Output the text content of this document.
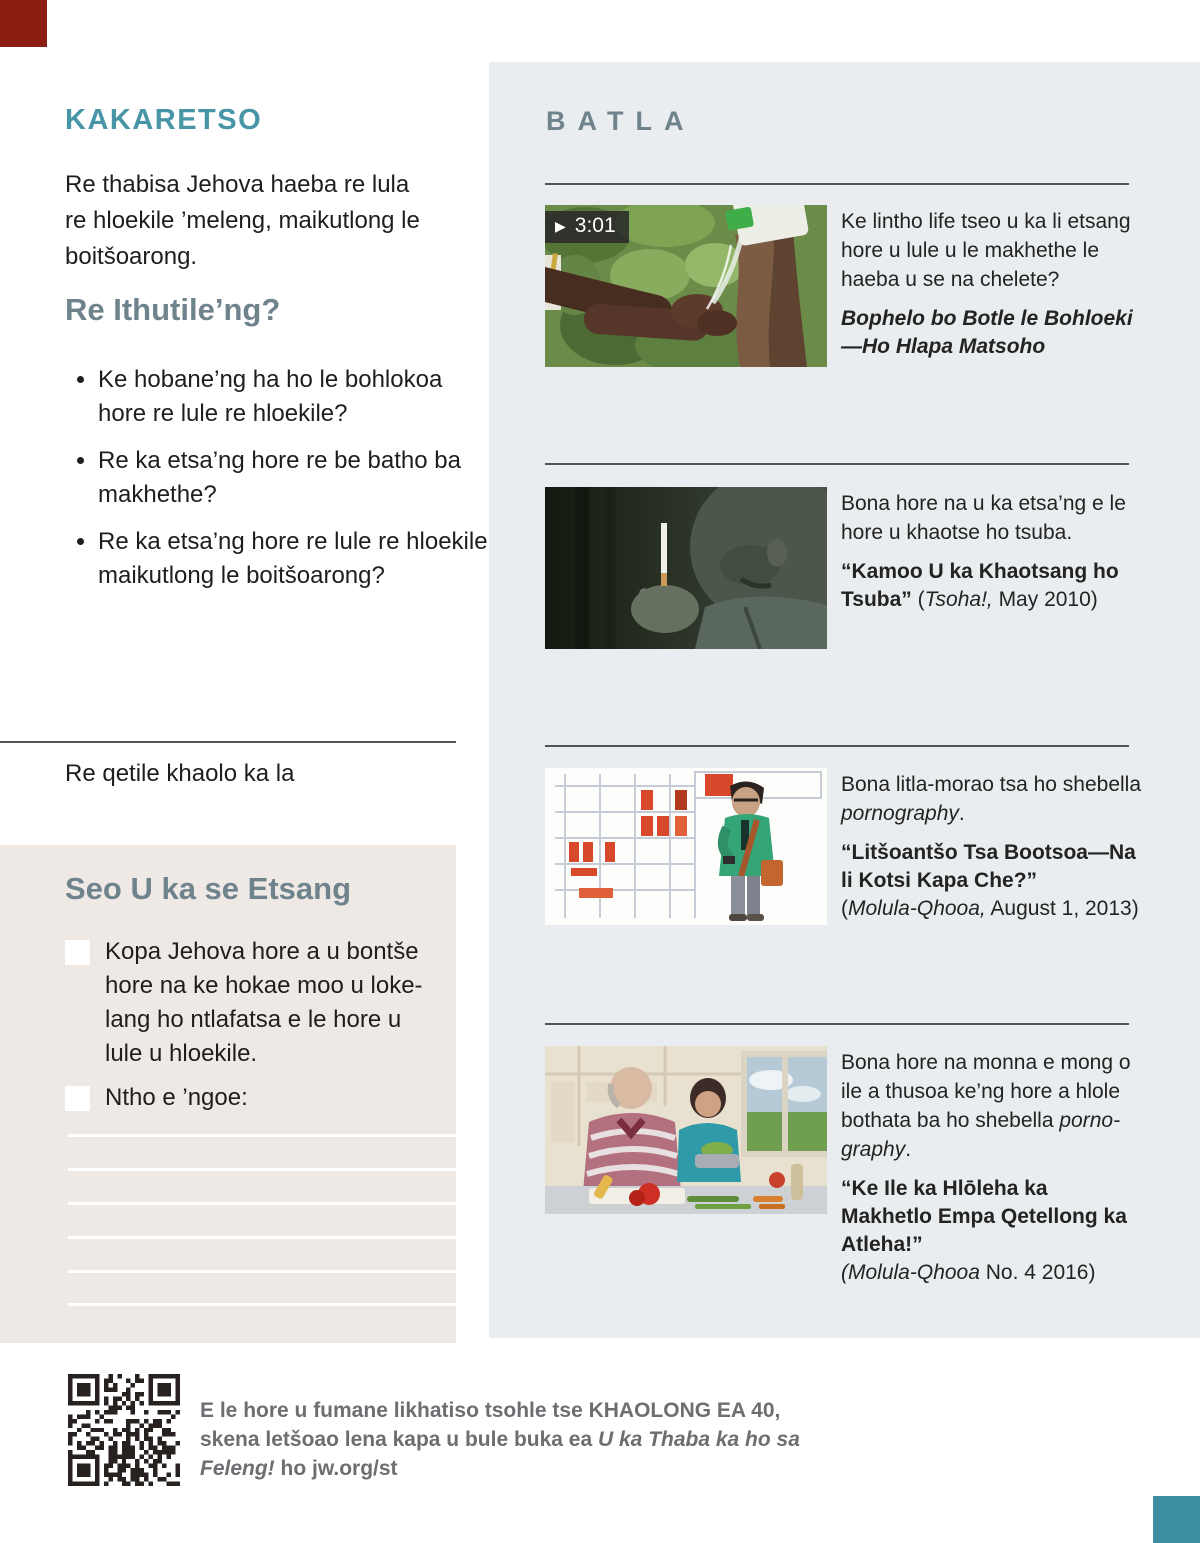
KAKARETSO
Re thabisa Jehova haeba re lula re hloekile ’meleng, maikutlong le boitšoarong.
Re Ithutile’ng?
• Ke hobane’ng ha ho le bohlokoa hore re lule re hloekile?
• Re ka etsa’ng hore re be batho ba makhethe?
• Re ka etsa’ng hore re lule re hloekile maikutlong le boitšoarong?
Re qetile khaolo ka la
Seo U ka se Etsang
Kopa Jehova hore a u bontše hore na ke hokae moo u lokelang ho ntlafatsa e le hore u lule u hloekile.
Ntho e ’ngoe:
BATLA
▶ 3:01	Ke lintho life tseo u ka li etsang hore u lule u le makhethe le haeba u se na chelete?
Bophelo bo Botle le Bohloeki —Ho Hlapa Matsoho
Bona hore na u ka etsa’ng e le hore u khaotse ho tsuba.
“Kamoo U ka Khaotsang ho Tsuba” (Tsoha!, May 2010)
Bona litla-morao tsa ho shebella pornography.
“Litšoantšo Tsa Bootsoa—Na li Kotsi Kapa Che?”
(Molula-Qhooa, August 1, 2013)
Bona hore na monna e mong o ile a thusoa ke’ng hore a hlole bothata ba ho shebella pornography.
“Ke Ile ka Hlōleha ka Makhetlo Empa Qetellong ka Atleha!”
(Molula-Qhooa No. 4 2016)
E le hore u fumane likhatiso tsohle tse KHAOLONG EA 40, skena letšoao lena kapa u bule buka ea U ka Thaba ka ho sa Feleng! ho jw.org/st
